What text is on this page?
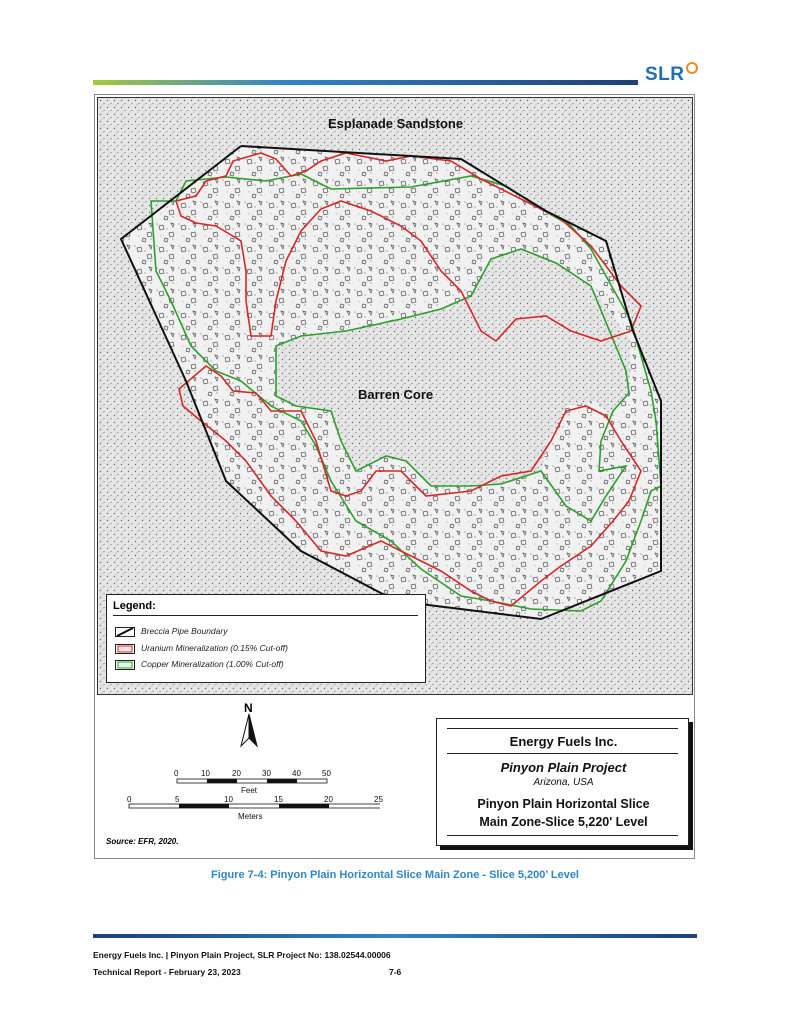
SLR
Esplanade Sandstone
Barren Core
Legend:
Breccia Pipe Boundary
Uranium Mineralization (0.15% Cut-off)
Copper Mineralization (1.00% Cut-off)
N
0	10	20	30	40	50
Feet
0	5	10	15	20	25
Meters
Energy Fuels Inc.
Pinyon Plain Project
Arizona, USA
Pinyon Plain Horizontal Slice
Main Zone-Slice 5,220' Level
Source: EFR, 2020.
Figure 7-4: Pinyon Plain Horizontal Slice Main Zone - Slice 5,200’ Level
Energy Fuels Inc. | Pinyon Plain Project, SLR Project No: 138.02544.00006
Technical Report - February 23, 2023	7-6
